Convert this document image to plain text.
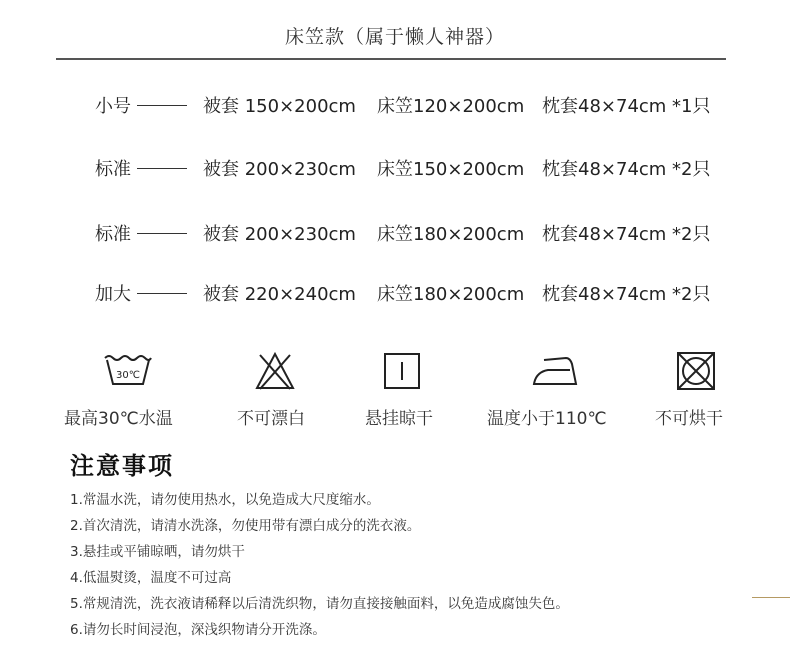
床笠款（属于懒人神器）
小号	被套 150×200cm 床笠120×200cm 枕套48×74cm *1只
标准	被套 200×230cm 床笠150×200cm 枕套48×74cm *2只
标准	被套 200×230cm 床笠180×200cm 枕套48×74cm *2只
加大	被套 220×240cm 床笠180×200cm 枕套48×74cm *2只
30℃
最高30℃水温	不可漂白	悬挂晾干	温度小于110℃	不可烘干
注意事项
1.常温水洗，请勿使用热水，以免造成大尺度缩水。
2.首次清洗，请清水洗涤，勿使用带有漂白成分的洗衣液。
3.悬挂或平铺晾晒，请勿烘干
4.低温熨烫，温度不可过高
5.常规清洗，洗衣液请稀释以后清洗织物，请勿直接接触面料，以免造成腐蚀失色。
6.请勿长时间浸泡，深浅织物请分开洗涤。
